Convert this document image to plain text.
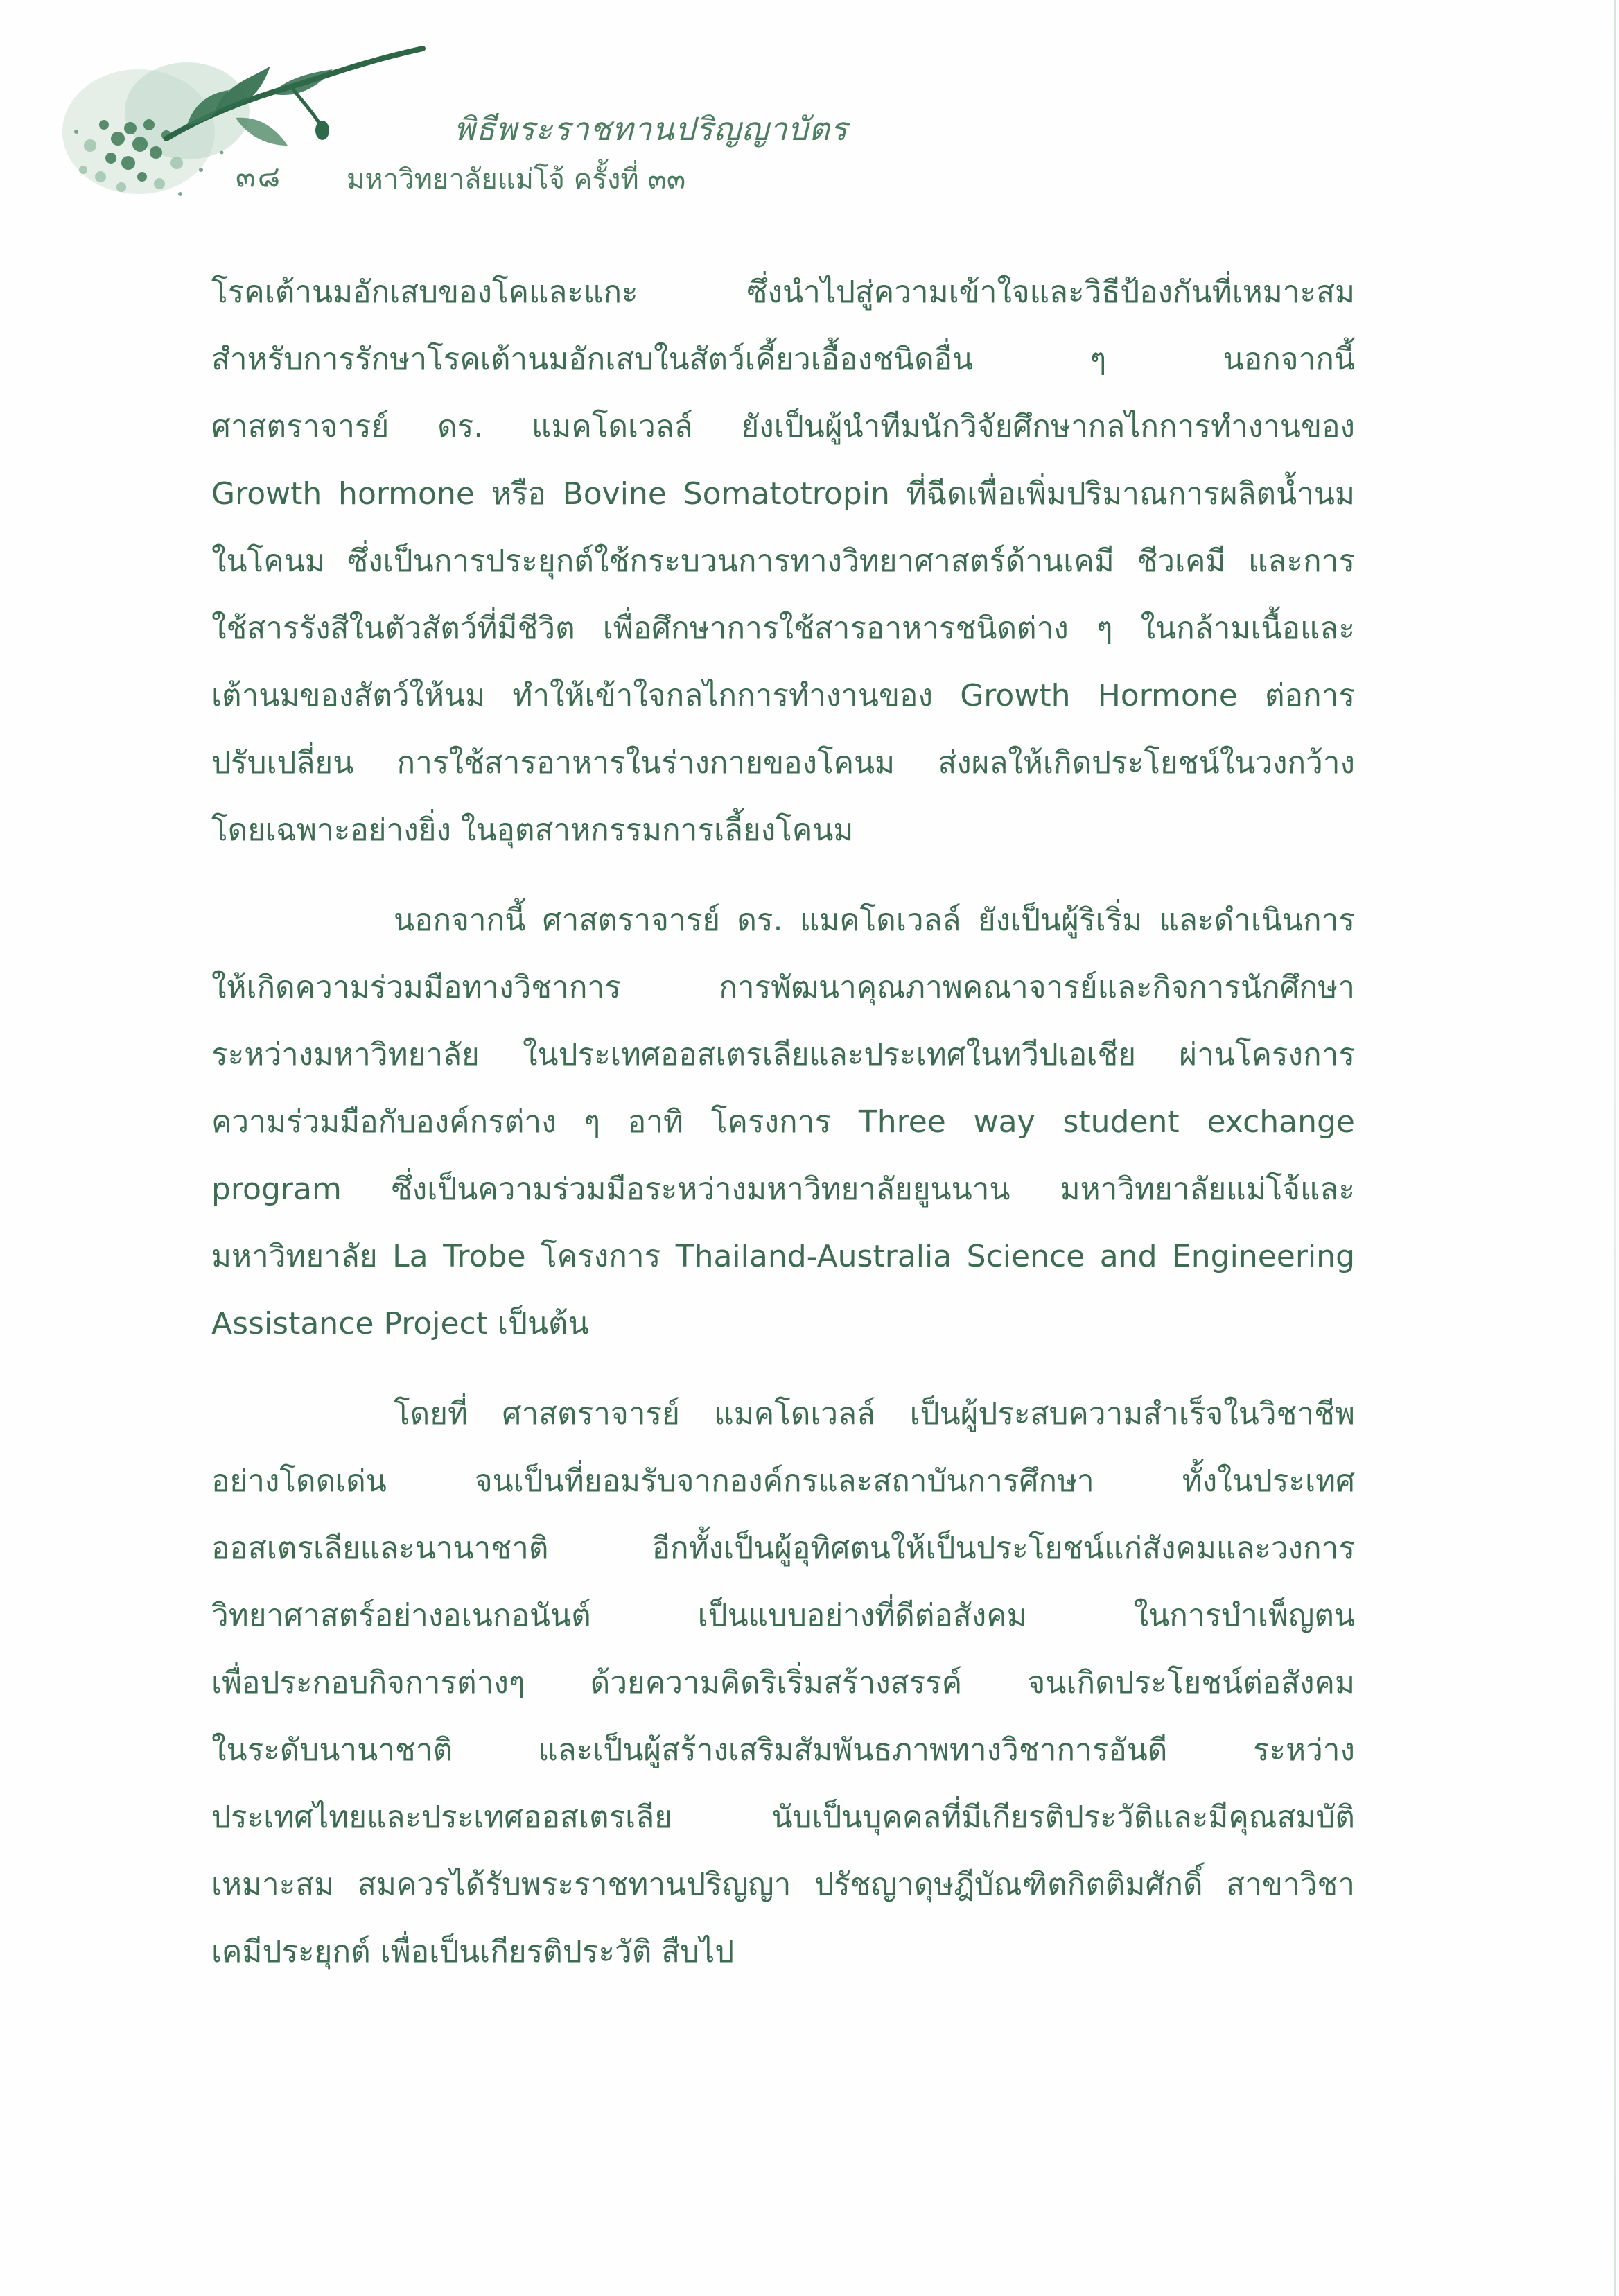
พิธีพระราชทานปริญญาบัตร
๓๘ มหาวิทยาลัยแม่โจ้ ครั้งที่ ๓๓
โรคเต้านมอักเสบของโคและแกะ ซึ่งนำไปสู่ความเข้าใจและวิธีป้องกันที่เหมาะสม
สำหรับการรักษาโรคเต้านมอักเสบในสัตว์เคี้ยวเอื้องชนิดอื่น ๆ นอกจากนี้
ศาสตราจารย์ ดร. แมคโดเวลล์ ยังเป็นผู้นำทีมนักวิจัยศึกษากลไกการทำงานของ
Growth hormone หรือ Bovine Somatotropin ที่ฉีดเพื่อเพิ่มปริมาณการผลิตน้ำนม
ในโคนม ซึ่งเป็นการประยุกต์ใช้กระบวนการทางวิทยาศาสตร์ด้านเคมี ชีวเคมี และการ
ใช้สารรังสีในตัวสัตว์ที่มีชีวิต เพื่อศึกษาการใช้สารอาหารชนิดต่าง ๆ ในกล้ามเนื้อและ
เต้านมของสัตว์ให้นม ทำให้เข้าใจกลไกการทำงานของ Growth Hormone ต่อการ
ปรับเปลี่ยน การใช้สารอาหารในร่างกายของโคนม ส่งผลให้เกิดประโยชน์ในวงกว้าง
โดยเฉพาะอย่างยิ่ง ในอุตสาหกรรมการเลี้ยงโคนม
นอกจากนี้ ศาสตราจารย์ ดร. แมคโดเวลล์ ยังเป็นผู้ริเริ่ม และดำเนินการ
ให้เกิดความร่วมมือทางวิชาการ การพัฒนาคุณภาพคณาจารย์และกิจการนักศึกษา
ระหว่างมหาวิทยาลัย ในประเทศออสเตรเลียและประเทศในทวีปเอเชีย ผ่านโครงการ
ความร่วมมือกับองค์กรต่าง ๆ อาทิ โครงการ Three way student exchange
program ซึ่งเป็นความร่วมมือระหว่างมหาวิทยาลัยยูนนาน มหาวิทยาลัยแม่โจ้และ
มหาวิทยาลัย La Trobe โครงการ Thailand-Australia Science and Engineering
Assistance Project เป็นต้น
โดยที่ ศาสตราจารย์ แมคโดเวลล์ เป็นผู้ประสบความสำเร็จในวิชาชีพ
อย่างโดดเด่น จนเป็นที่ยอมรับจากองค์กรและสถาบันการศึกษา ทั้งในประเทศ
ออสเตรเลียและนานาชาติ อีกทั้งเป็นผู้อุทิศตนให้เป็นประโยชน์แก่สังคมและวงการ
วิทยาศาสตร์อย่างอเนกอนันต์ เป็นแบบอย่างที่ดีต่อสังคม ในการบำเพ็ญตน
เพื่อประกอบกิจการต่างๆ ด้วยความคิดริเริ่มสร้างสรรค์ จนเกิดประโยชน์ต่อสังคม
ในระดับนานาชาติ และเป็นผู้สร้างเสริมสัมพันธภาพทางวิชาการอันดี ระหว่าง
ประเทศไทยและประเทศออสเตรเลีย นับเป็นบุคคลที่มีเกียรติประวัติและมีคุณสมบัติ
เหมาะสม สมควรได้รับพระราชทานปริญญา ปรัชญาดุษฎีบัณฑิตกิตติมศักดิ์ สาขาวิชา
เคมีประยุกต์ เพื่อเป็นเกียรติประวัติ สืบไป
